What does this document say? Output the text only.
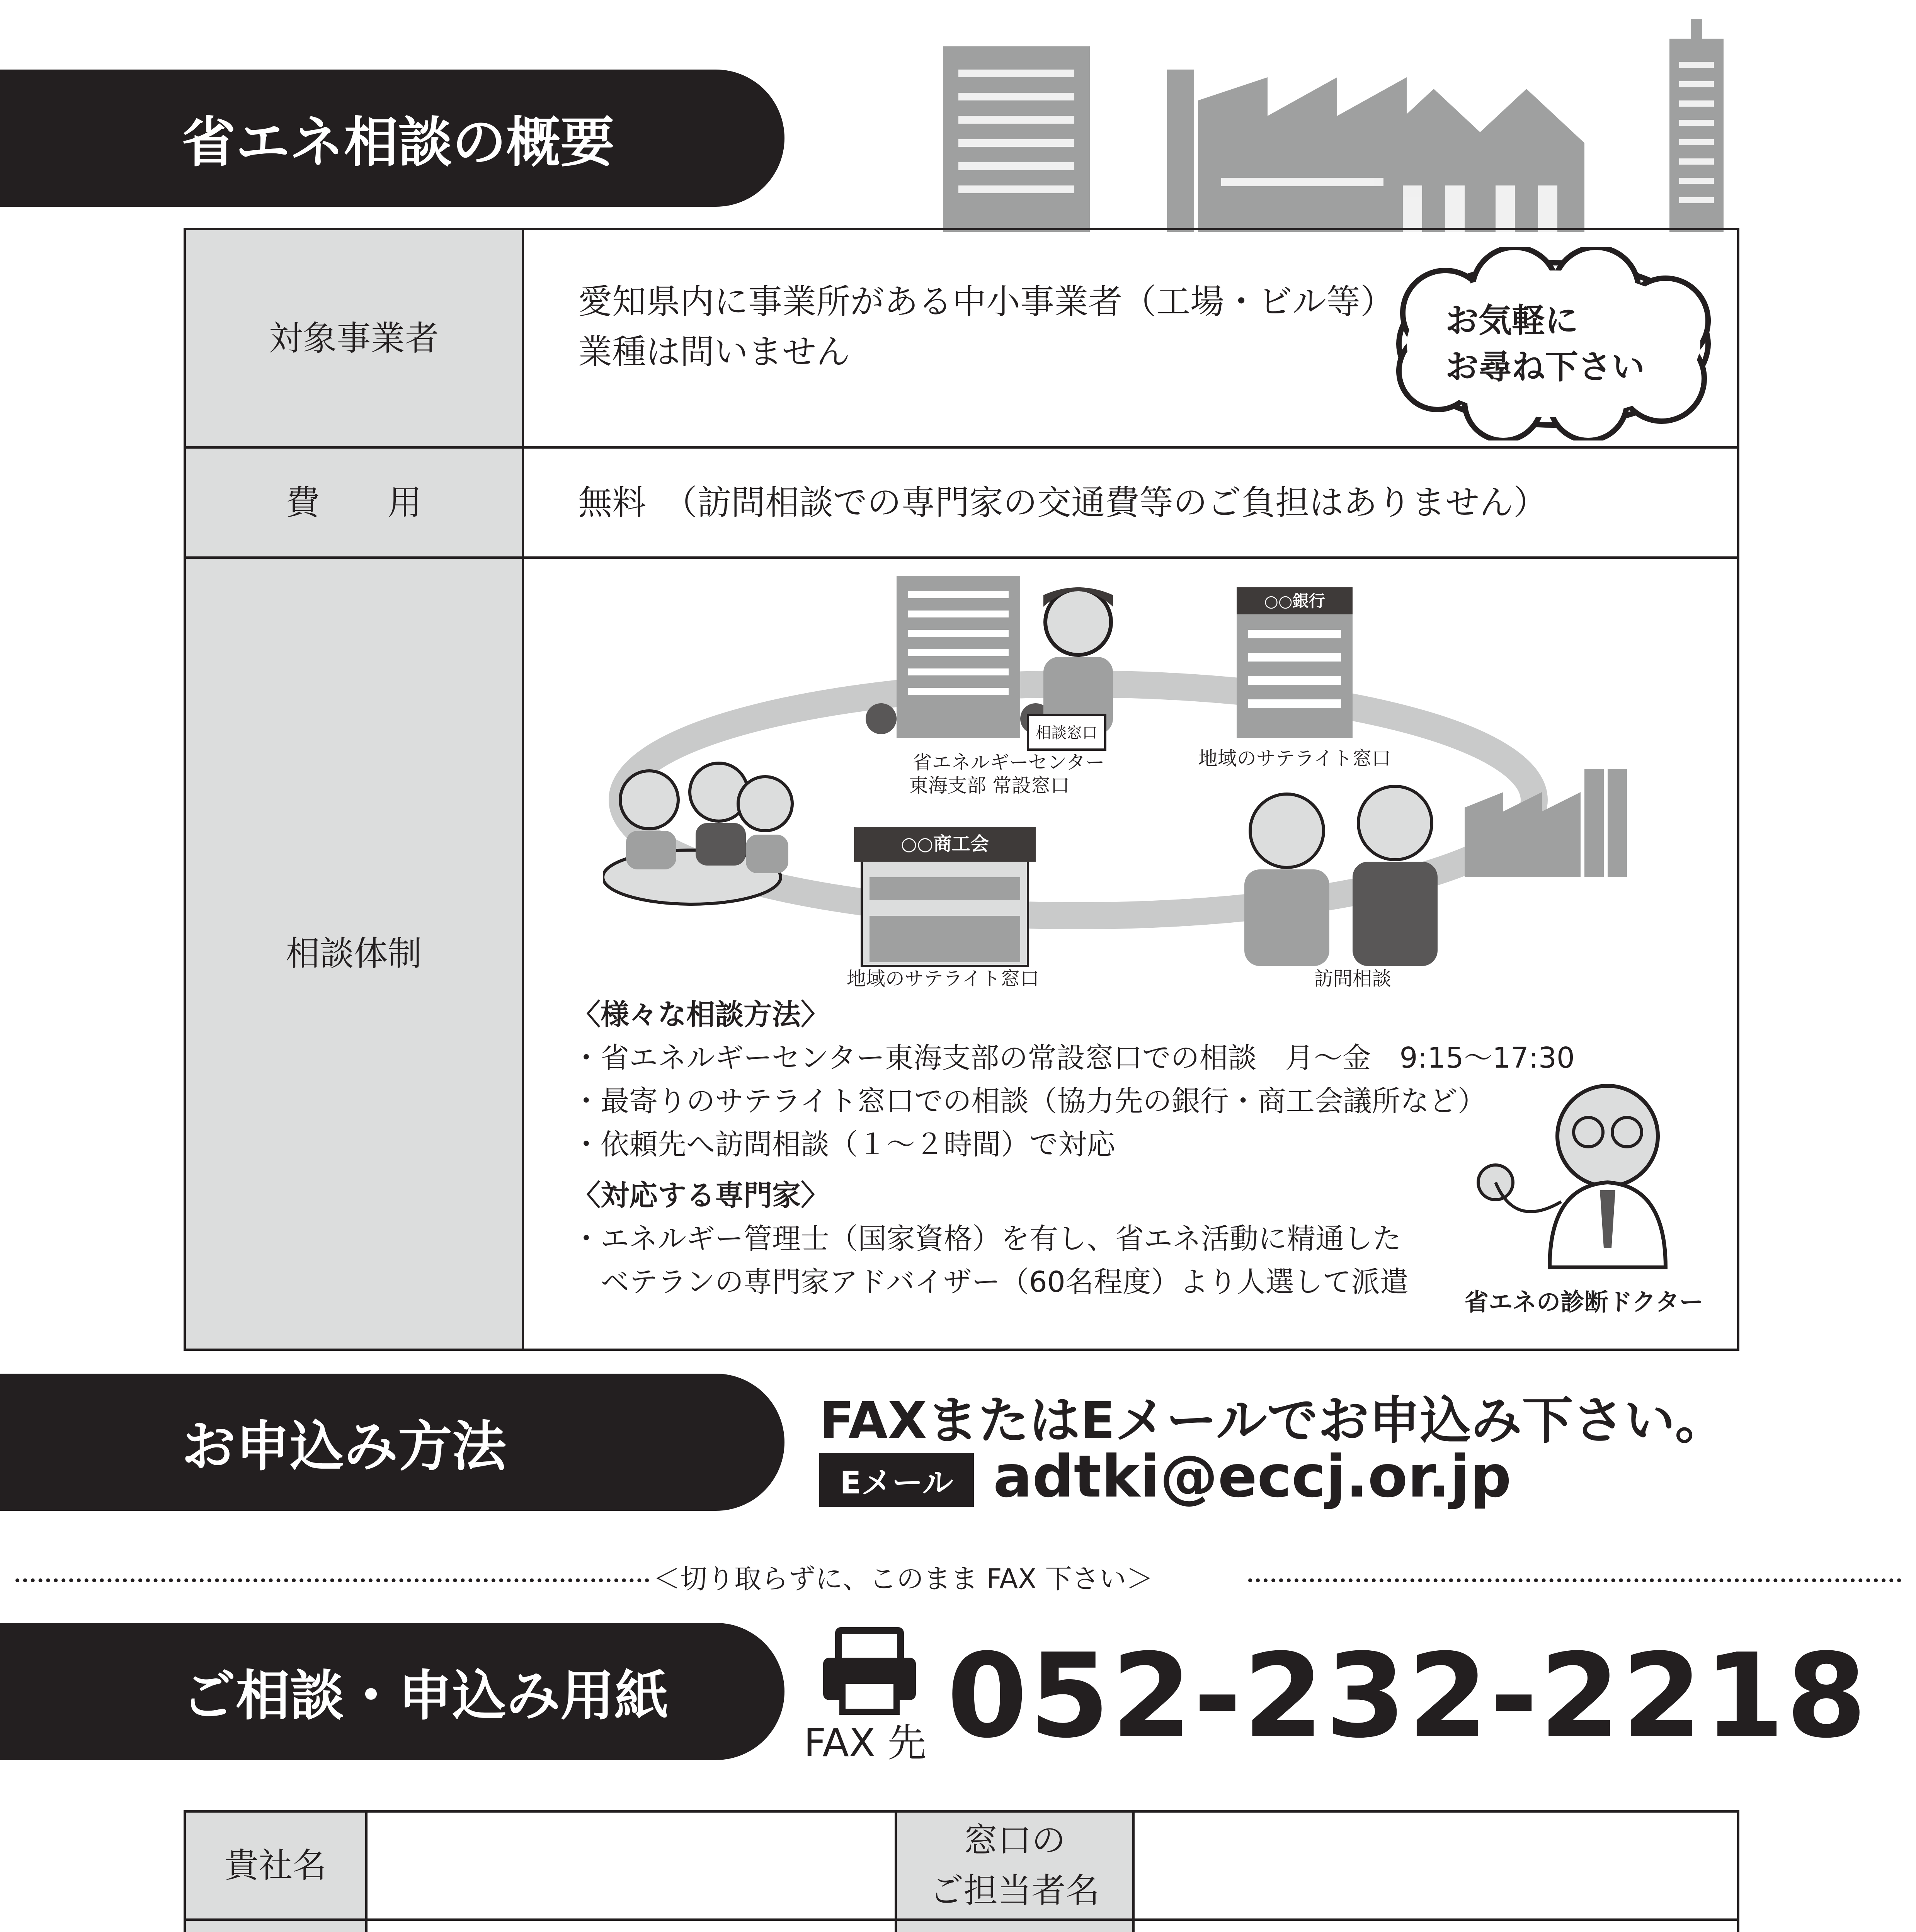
省エネ相談の概要
対象事業者	愛知県内に事業所がある中小事業者（工場・ビル等）
業種は問いません

費　　用	無料　（訪問相談での専門家の交通費等のご負担はありません）
相談体制	
お気軽に
お尋ね下さい
相談窓口
○○銀行
○○商工会
省エネルギーセンター
東海支部 常設窓口
地域のサテライト窓口
地域のサテライト窓口	訪問相談
〈様々な相談方法〉
・省エネルギーセンター東海支部の常設窓口での相談　月～金　9:15～17:30
・最寄りのサテライト窓口での相談（協力先の銀行・商工会議所など）
・依頼先へ訪問相談（１～２時間）で対応
〈対応する専門家〉
・エネルギー管理士（国家資格）を有し、省エネ活動に精通した
　ベテランの専門家アドバイザー（60名程度）より人選して派遣
省エネの診断ドクター
お申込み方法	FAXまたはEメールでお申込み下さい。
Eメール adtki@eccj.or.jp
＜切り取らずに、このまま FAX 下さい＞
ご相談・申込み用紙
FAX 先 052-232-2218
貴社名		窓口の
ご担当者名	
